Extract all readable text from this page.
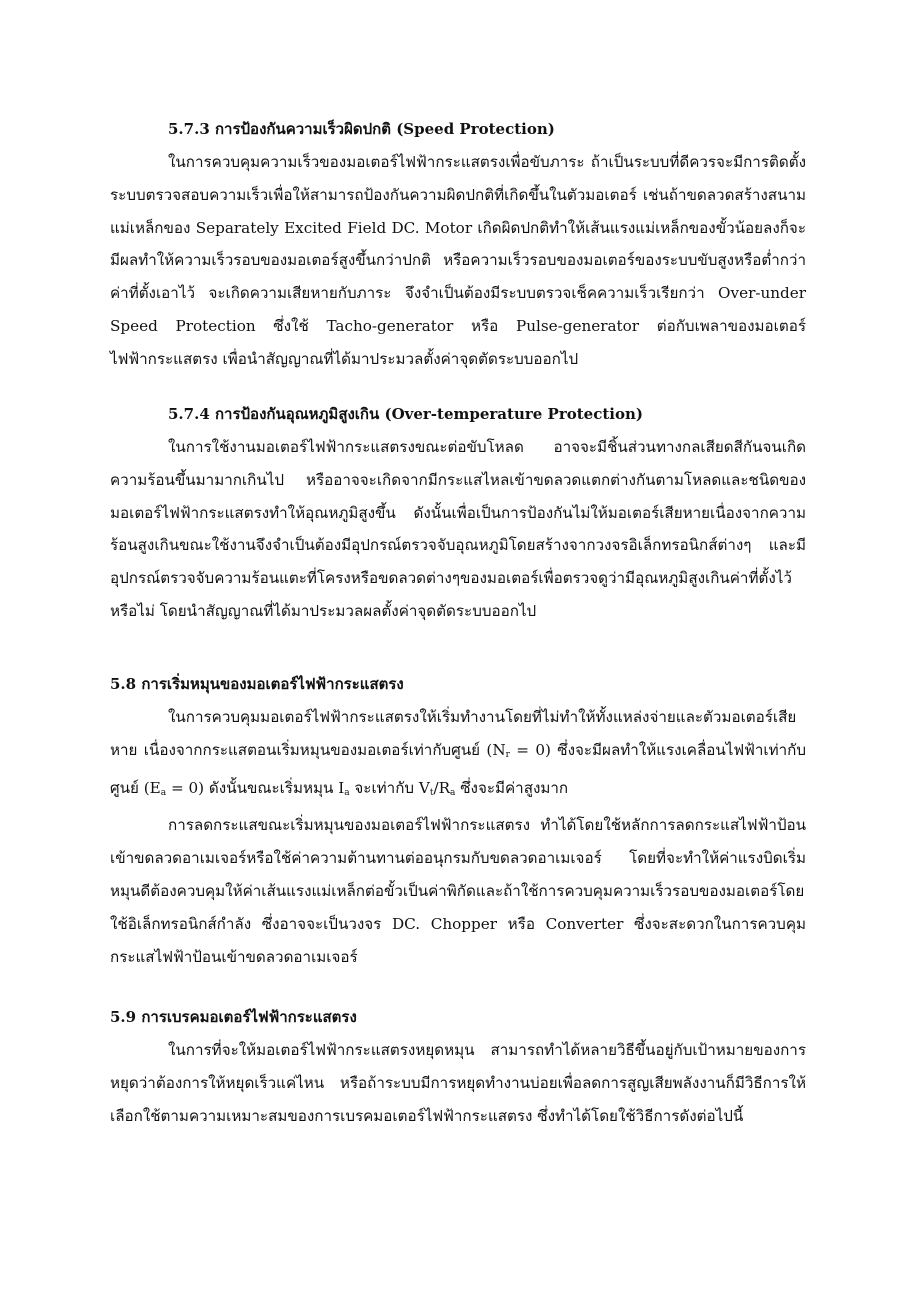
5.7.3 การป้องกันความเร็วผิดปกติ (Speed Protection)

ในการควบคุมความเร็วของมอเตอร์ไฟฟ้ากระแสตรงเพื่อขับภาระ ถ้าเป็นระบบที่ดีควรจะมีการติดตั้งระบบตรวจสอบความเร็วเพื่อให้สามารถป้องกันความผิดปกติที่เกิดขึ้นในตัวมอเตอร์ เช่นถ้าขดลวดสร้างสนามแม่เหล็กของ Separately Excited Field DC. Motor เกิดผิดปกติทำให้เส้นแรงแม่เหล็กของขั้วน้อยลงก็จะมีผลทำให้ความเร็วรอบของมอเตอร์สูงขึ้นกว่าปกติ หรือความเร็วรอบของมอเตอร์ของระบบขับสูงหรือต่ำกว่าค่าที่ตั้งเอาไว้ จะเกิดความเสียหายกับภาระ จึงจำเป็นต้องมีระบบตรวจเช็คความเร็วเรียกว่า Over-under Speed Protection ซึ่งใช้ Tacho-generator หรือ Pulse-generator ต่อกับเพลาของมอเตอร์ไฟฟ้ากระแสตรง เพื่อนำสัญญาณที่ได้มาประมวลตั้งค่าจุดตัดระบบออกไป

5.7.4 การป้องกันอุณหภูมิสูงเกิน (Over-temperature Protection)

ในการใช้งานมอเตอร์ไฟฟ้ากระแสตรงขณะต่อขับโหลด อาจจะมีชิ้นส่วนทางกลเสียดสีกันจนเกิดความร้อนขึ้นมามากเกินไป หรืออาจจะเกิดจากมีกระแสไหลเข้าขดลวดแตกต่างกันตามโหลดและชนิดของมอเตอร์ไฟฟ้ากระแสตรงทำให้อุณหภูมิสูงขึ้น ดังนั้นเพื่อเป็นการป้องกันไม่ให้มอเตอร์เสียหายเนื่องจากความร้อนสูงเกินขณะใช้งานจึงจำเป็นต้องมีอุปกรณ์ตรวจจับอุณหภูมิโดยสร้างจากวงจรอิเล็กทรอนิกส์ต่างๆ และมีอุปกรณ์ตรวจจับความร้อนแตะที่โครงหรือขดลวดต่างๆของมอเตอร์เพื่อตรวจดูว่ามีอุณหภูมิสูงเกินค่าที่ตั้งไว้หรือไม่ โดยนำสัญญาณที่ได้มาประมวลผลตั้งค่าจุดตัดระบบออกไป

5.8 การเริ่มหมุนของมอเตอร์ไฟฟ้ากระแสตรง

ในการควบคุมมอเตอร์ไฟฟ้ากระแสตรงให้เริ่มทำงานโดยที่ไม่ทำให้ทั้งแหล่งจ่ายและตัวมอเตอร์เสียหาย เนื่องจากกระแสตอนเริ่มหมุนของมอเตอร์เท่ากับศูนย์ $(N_r = 0)$ ซึ่งจะมีผลทำให้แรงเคลื่อนไฟฟ้าเท่ากับศูนย์ $(E_a = 0)$ ดังนั้นขณะเริ่มหมุน $I_a$ จะเท่ากับ $V_t/R_a$ ซึ่งจะมีค่าสูงมาก

การลดกระแสขณะเริ่มหมุนของมอเตอร์ไฟฟ้ากระแสตรง ทำได้โดยใช้หลักการลดกระแสไฟฟ้าป้อนเข้าขดลวดอาเมเจอร์หรือใช้ค่าความต้านทานต่ออนุกรมกับขดลวดอาเมเจอร์ โดยที่จะทำให้ค่าแรงบิดเริ่มหมุนดีต้องควบคุมให้ค่าเส้นแรงแม่เหล็กต่อขั้วเป็นค่าพิกัดและถ้าใช้การควบคุมความเร็วรอบของมอเตอร์โดยใช้อิเล็กทรอนิกส์กำลัง ซึ่งอาจจะเป็นวงจร DC. Chopper หรือ Converter ซึ่งจะสะดวกในการควบคุมกระแสไฟฟ้าป้อนเข้าขดลวดอาเมเจอร์

5.9 การเบรคมอเตอร์ไฟฟ้ากระแสตรง

ในการที่จะให้มอเตอร์ไฟฟ้ากระแสตรงหยุดหมุน สามารถทำได้หลายวิธีขึ้นอยู่กับเป้าหมายของการหยุดว่าต้องการให้หยุดเร็วแค่ไหน หรือถ้าระบบมีการหยุดทำงานบ่อยเพื่อลดการสูญเสียพลังงานก็มีวิธีการให้เลือกใช้ตามความเหมาะสมของการเบรคมอเตอร์ไฟฟ้ากระแสตรง ซึ่งทำได้โดยใช้วิธีการดังต่อไปนี้
